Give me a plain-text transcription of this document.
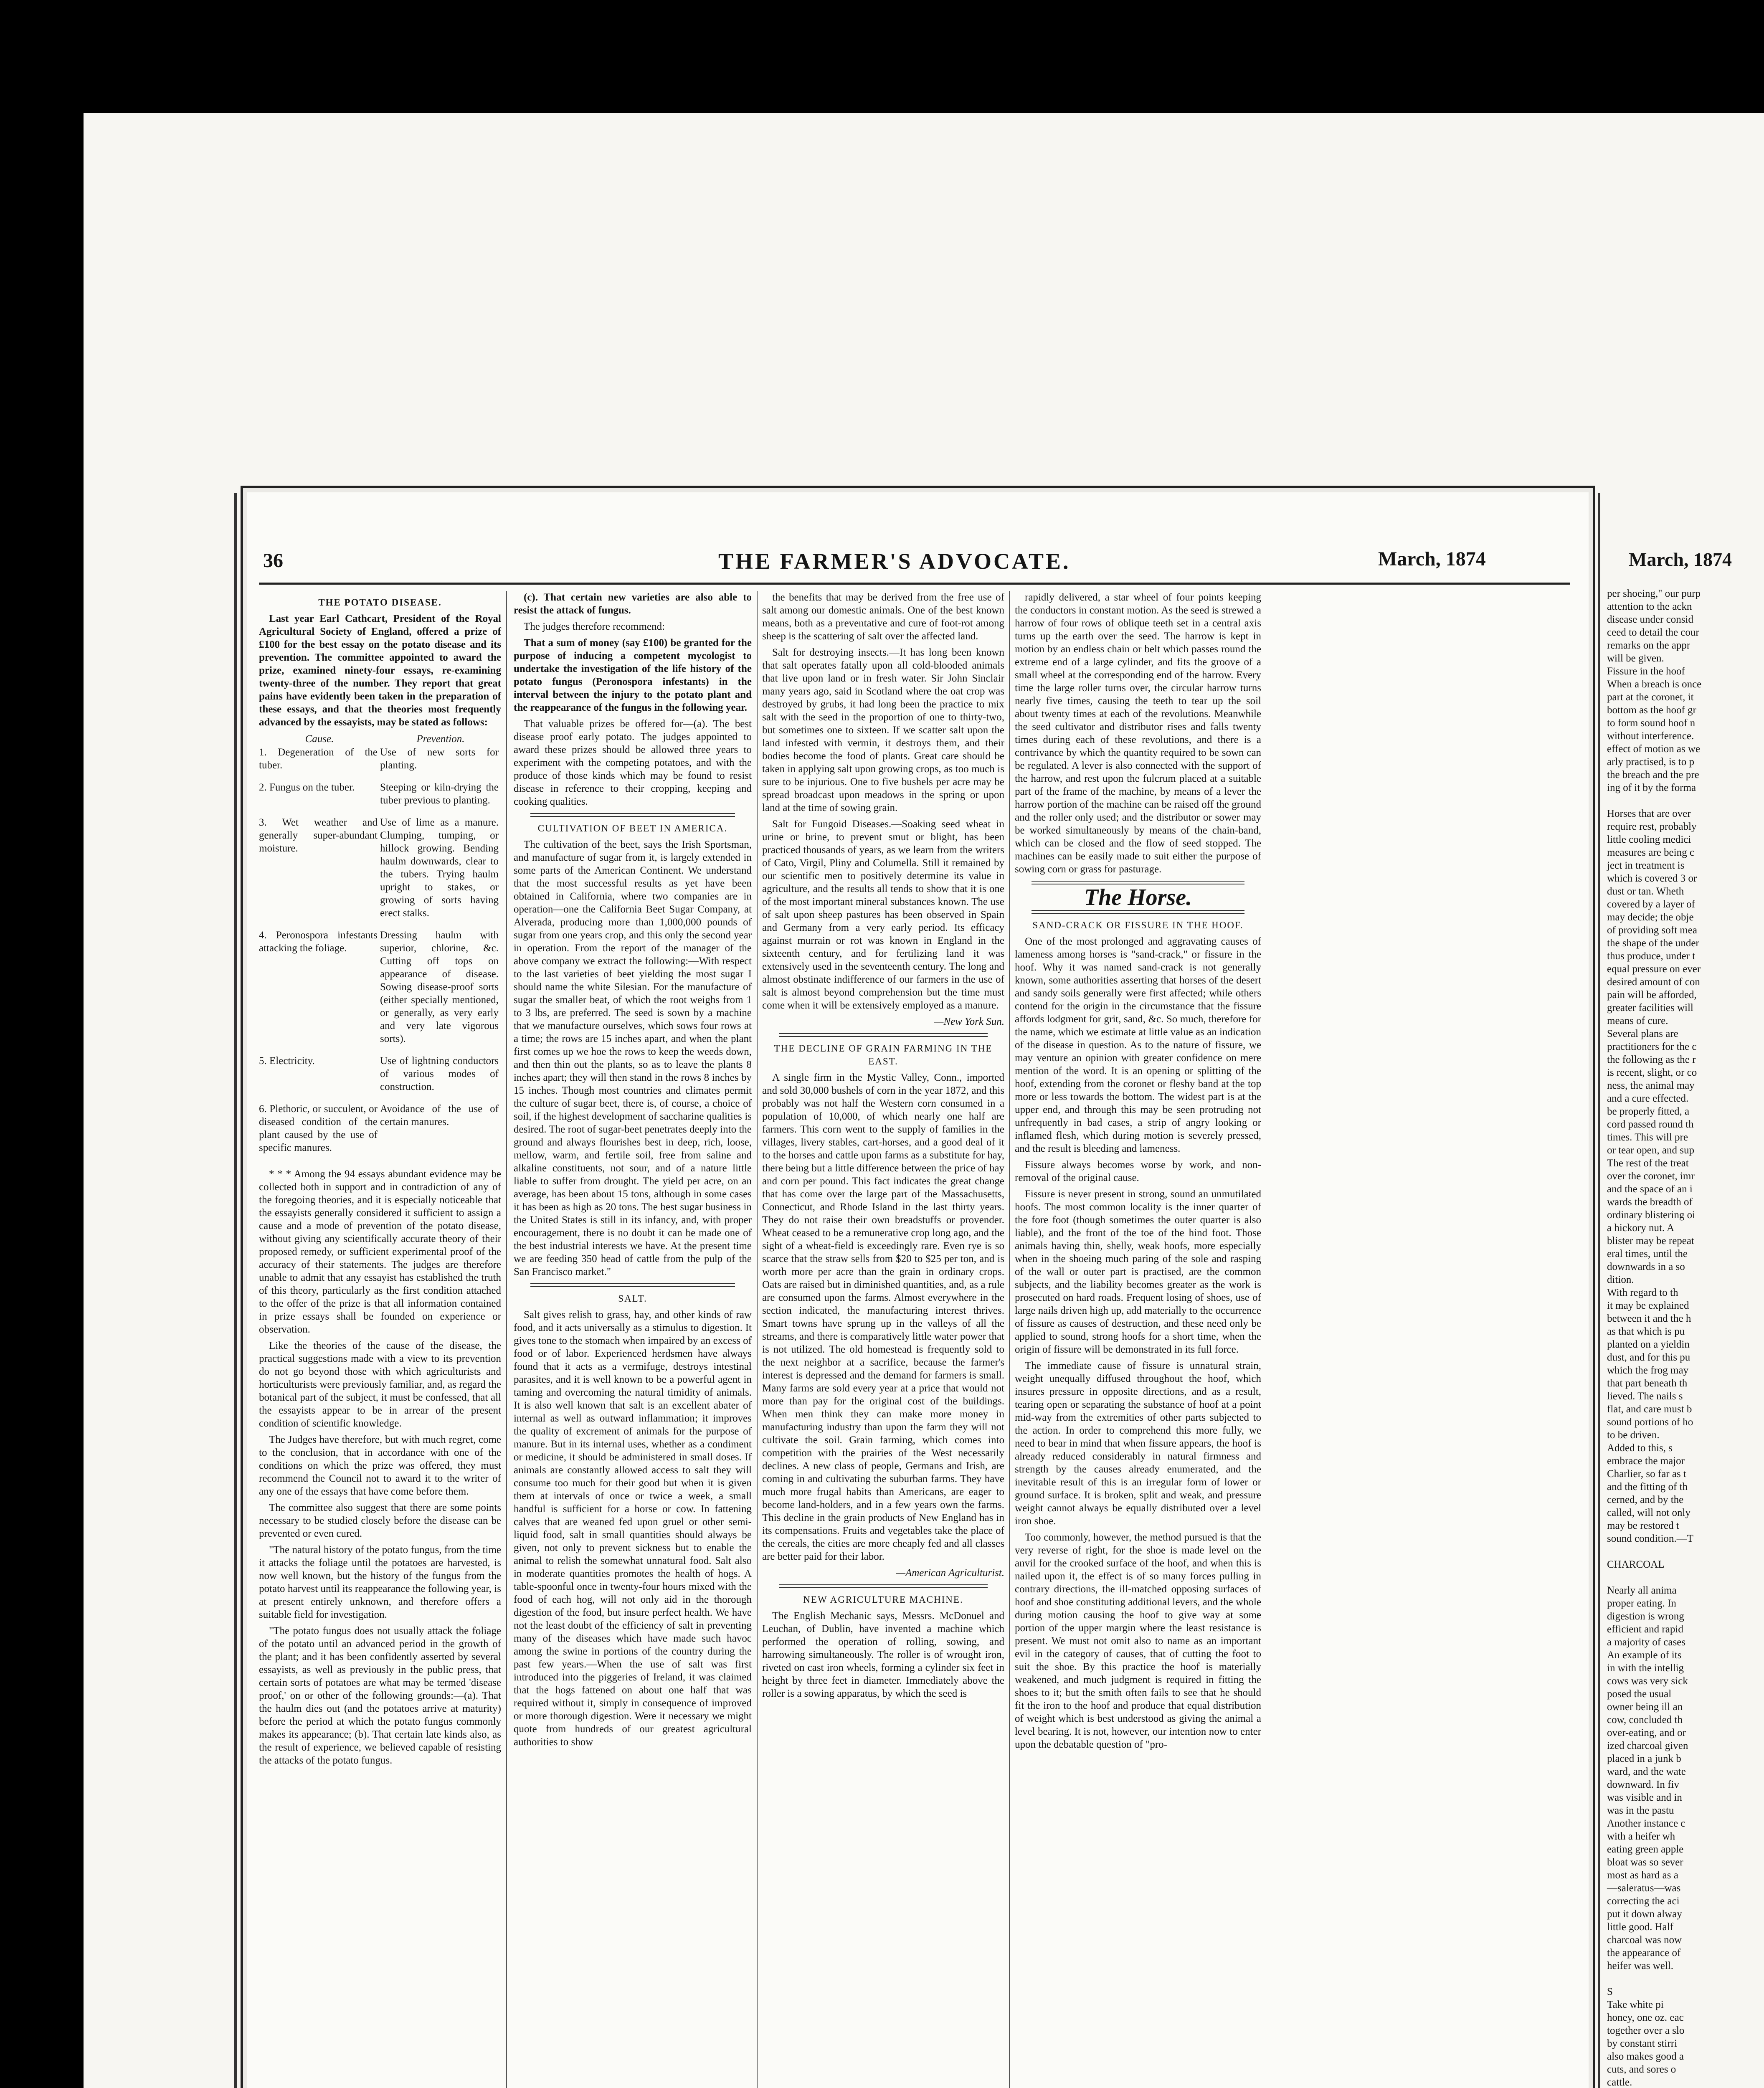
36	THE FARMER'S ADVOCATE.	March, 1874
THE POTATO DISEASE.

Last year Earl Cathcart, President of the Royal Agricultural Society of England, offered a prize of £100 for the best essay on the potato disease and its prevention. The committee appointed to award the prize, examined ninety-four essays, re-examining twenty-three of the number. They report that great pains have evidently been taken in the preparation of these essays, and that the theories most frequently advanced by the essayists, may be stated as follows:

Cause.	Prevention.
1. Degeneration of the tuber.	Use of new sorts for planting.
2. Fungus on the tuber.	Steeping or kiln-drying the tuber previous to planting.
3. Wet weather and generally super-abundant moisture.	Use of lime as a manure. Clumping, tumping, or hillock growing. Bending haulm downwards, clear to the tubers. Trying haulm upright to stakes, or growing of sorts having erect stalks.
4. Peronospora infestants attacking the foliage.	Dressing haulm with superior, chlorine, &c. Cutting off tops on appearance of disease. Sowing disease-proof sorts (either specially mentioned, or generally, as very early and very late vigorous sorts).
5. Electricity.	Use of lightning conductors of various modes of construction.
6. Plethoric, or succulent, or diseased condition of the plant caused by the use of specific manures.	Avoidance of the use of certain manures.

* * * Among the 94 essays abundant evidence may be collected both in support and in contradiction of any of the foregoing theories, and it is especially noticeable that the essayists generally considered it sufficient to assign a cause and a mode of prevention of the potato disease, without giving any scientifically accurate theory of their proposed remedy, or sufficient experimental proof of the accuracy of their statements. The judges are therefore unable to admit that any essayist has established the truth of this theory, particularly as the first condition attached to the offer of the prize is that all information contained in prize essays shall be founded on experience or observation.

Like the theories of the cause of the disease, the practical suggestions made with a view to its prevention do not go beyond those with which agriculturists and horticulturists were previously familiar, and, as regard the botanical part of the subject, it must be confessed, that all the essayists appear to be in arrear of the present condition of scientific knowledge.

The Judges have therefore, but with much regret, come to the conclusion, that in accordance with one of the conditions on which the prize was offered, they must recommend the Council not to award it to the writer of any one of the essays that have come before them.

The committee also suggest that there are some points necessary to be studied closely before the disease can be prevented or even cured.

"The natural history of the potato fungus, from the time it attacks the foliage until the potatoes are harvested, is now well known, but the history of the fungus from the potato harvest until its reappearance the following year, is at present entirely unknown, and therefore offers a suitable field for investigation.

"The potato fungus does not usually attack the foliage of the potato until an advanced period in the growth of the plant; and it has been confidently asserted by several essayists, as well as previously in the public press, that certain sorts of potatoes are what may be termed 'disease proof,' on or other of the following grounds:—(a). That the haulm dies out (and the potatoes arrive at maturity) before the period at which the potato fungus commonly makes its appearance; (b). That certain late kinds also, as the result of experience, we believed capable of resisting the attacks of the potato fungus.

(c). That certain new varieties are also able to resist the attack of fungus.

The judges therefore recommend:

That a sum of money (say £100) be granted for the purpose of inducing a competent mycologist to undertake the investigation of the life history of the potato fungus (Peronospora infestants) in the interval between the injury to the potato plant and the reappearance of the fungus in the following year.

That valuable prizes be offered for—(a). The best disease proof early potato. The judges appointed to award these prizes should be allowed three years to experiment with the competing potatoes, and with the produce of those kinds which may be found to resist disease in reference to their cropping, keeping and cooking qualities.

CULTIVATION OF BEET IN AMERICA.

The cultivation of the beet, says the Irish Sportsman, and manufacture of sugar from it, is largely extended in some parts of the American Continent. We understand that the most successful results as yet have been obtained in California, where two companies are in operation—one the California Beet Sugar Company, at Alverada, producing more than 1,000,000 pounds of sugar from one years crop, and this only the second year in operation. From the report of the manager of the above company we extract the following:—With respect to the last varieties of beet yielding the most sugar I should name the white Silesian. For the manufacture of sugar the smaller beat, of which the root weighs from 1 to 3 lbs, are preferred. The seed is sown by a machine that we manufacture ourselves, which sows four rows at a time; the rows are 15 inches apart, and when the plant first comes up we hoe the rows to keep the weeds down, and then thin out the plants, so as to leave the plants 8 inches apart; they will then stand in the rows 8 inches by 15 inches. Though most countries and climates permit the culture of sugar beet, there is, of course, a choice of soil, if the highest development of saccharine qualities is desired. The root of sugar-beet penetrates deeply into the ground and always flourishes best in deep, rich, loose, mellow, warm, and fertile soil, free from saline and alkaline constituents, not sour, and of a nature little liable to suffer from drought. The yield per acre, on an average, has been about 15 tons, although in some cases it has been as high as 20 tons. The best sugar business in the United States is still in its infancy, and, with proper encouragement, there is no doubt it can be made one of the best industrial interests we have. At the present time we are feeding 350 head of cattle from the pulp of the San Francisco market."

SALT.

Salt gives relish to grass, hay, and other kinds of raw food, and it acts universally as a stimulus to digestion. It gives tone to the stomach when impaired by an excess of food or of labor. Experienced herdsmen have always found that it acts as a vermifuge, destroys intestinal parasites, and it is well known to be a powerful agent in taming and overcoming the natural timidity of animals. It is also well known that salt is an excellent abater of internal as well as outward inflammation; it improves the quality of excrement of animals for the purpose of manure. But in its internal uses, whether as a condiment or medicine, it should be administered in small doses. If animals are constantly allowed access to salt they will consume too much for their good but when it is given them at intervals of once or twice a week, a small handful is sufficient for a horse or cow. In fattening calves that are weaned fed upon gruel or other semi-liquid food, salt in small quantities should always be given, not only to prevent sickness but to enable the animal to relish the somewhat unnatural food. Salt also in moderate quantities promotes the health of hogs. A table-spoonful once in twenty-four hours mixed with the food of each hog, will not only aid in the thorough digestion of the food, but insure perfect health. We have not the least doubt of the efficiency of salt in preventing many of the diseases which have made such havoc among the swine in portions of the country during the past few years.—When the use of salt was first introduced into the piggeries of Ireland, it was claimed that the hogs fattened on about one half that was required without it, simply in consequence of improved or more thorough digestion. Were it necessary we might quote from hundreds of our greatest agricultural authorities to show

the benefits that may be derived from the free use of salt among our domestic animals. One of the best known means, both as a preventative and cure of foot-rot among sheep is the scattering of salt over the affected land.

Salt for destroying insects.—It has long been known that salt operates fatally upon all cold-blooded animals that live upon land or in fresh water. Sir John Sinclair many years ago, said in Scotland where the oat crop was destroyed by grubs, it had long been the practice to mix salt with the seed in the proportion of one to thirty-two, but sometimes one to sixteen. If we scatter salt upon the land infested with vermin, it destroys them, and their bodies become the food of plants. Great care should be taken in applying salt upon growing crops, as too much is sure to be injurious. One to five bushels per acre may be spread broadcast upon meadows in the spring or upon land at the time of sowing grain.

Salt for Fungoid Diseases.—Soaking seed wheat in urine or brine, to prevent smut or blight, has been practiced thousands of years, as we learn from the writers of Cato, Virgil, Pliny and Columella. Still it remained by our scientific men to positively determine its value in agriculture, and the results all tends to show that it is one of the most important mineral substances known. The use of salt upon sheep pastures has been observed in Spain and Germany from a very early period. Its efficacy against murrain or rot was known in England in the sixteenth century, and for fertilizing land it was extensively used in the seventeenth century. The long and almost obstinate indifference of our farmers in the use of salt is almost beyond comprehension but the time must come when it will be extensively employed as a manure.

—New York Sun.

THE DECLINE OF GRAIN FARMING IN THE EAST.

A single firm in the Mystic Valley, Conn., imported and sold 30,000 bushels of corn in the year 1872, and this probably was not half the Western corn consumed in a population of 10,000, of which nearly one half are farmers. This corn went to the supply of families in the villages, livery stables, cart-horses, and a good deal of it to the horses and cattle upon farms as a substitute for hay, there being but a little difference between the price of hay and corn per pound. This fact indicates the great change that has come over the large part of the Massachusetts, Connecticut, and Rhode Island in the last thirty years. They do not raise their own breadstuffs or provender. Wheat ceased to be a remunerative crop long ago, and the sight of a wheat-field is exceedingly rare. Even rye is so scarce that the straw sells from $20 to $25 per ton, and is worth more per acre than the grain in ordinary crops. Oats are raised but in diminished quantities, and, as a rule are consumed upon the farms. Almost everywhere in the section indicated, the manufacturing interest thrives. Smart towns have sprung up in the valleys of all the streams, and there is comparatively little water power that is not utilized. The old homestead is frequently sold to the next neighbor at a sacrifice, because the farmer's interest is depressed and the demand for farmers is small. Many farms are sold every year at a price that would not more than pay for the original cost of the buildings. When men think they can make more money in manufacturing industry than upon the farm they will not cultivate the soil. Grain farming, which comes into competition with the prairies of the West necessarily declines. A new class of people, Germans and Irish, are coming in and cultivating the suburban farms. They have much more frugal habits than Americans, are eager to become land-holders, and in a few years own the farms. This decline in the grain products of New England has in its compensations. Fruits and vegetables take the place of the cereals, the cities are more cheaply fed and all classes are better paid for their labor.

—American Agriculturist.

NEW AGRICULTURE MACHINE.

The English Mechanic says, Messrs. McDonuel and Leuchan, of Dublin, have invented a machine which performed the operation of rolling, sowing, and harrowing simultaneously. The roller is of wrought iron, riveted on cast iron wheels, forming a cylinder six feet in height by three feet in diameter. Immediately above the roller is a sowing apparatus, by which the seed is

rapidly delivered, a star wheel of four points keeping the conductors in constant motion. As the seed is strewed a harrow of four rows of oblique teeth set in a central axis turns up the earth over the seed. The harrow is kept in motion by an endless chain or belt which passes round the extreme end of a large cylinder, and fits the groove of a small wheel at the corresponding end of the harrow. Every time the large roller turns over, the circular harrow turns nearly five times, causing the teeth to tear up the soil about twenty times at each of the revolutions. Meanwhile the seed cultivator and distributor rises and falls twenty times during each of these revolutions, and there is a contrivance by which the quantity required to be sown can be regulated. A lever is also connected with the support of the harrow, and rest upon the fulcrum placed at a suitable part of the frame of the machine, by means of a lever the harrow portion of the machine can be raised off the ground and the roller only used; and the distributor or sower may be worked simultaneously by means of the chain-band, which can be closed and the flow of seed stopped. The machines can be easily made to suit either the purpose of sowing corn or grass for pasturage.

The Horse.
SAND-CRACK OR FISSURE IN THE HOOF.

One of the most prolonged and aggravating causes of lameness among horses is "sand-crack," or fissure in the hoof. Why it was named sand-crack is not generally known, some authorities asserting that horses of the desert and sandy soils generally were first affected; while others contend for the origin in the circumstance that the fissure affords lodgment for grit, sand, &c. So much, therefore for the name, which we estimate at little value as an indication of the disease in question. As to the nature of fissure, we may venture an opinion with greater confidence on mere mention of the word. It is an opening or splitting of the hoof, extending from the coronet or fleshy band at the top more or less towards the bottom. The widest part is at the upper end, and through this may be seen protruding not unfrequently in bad cases, a strip of angry looking or inflamed flesh, which during motion is severely pressed, and the result is bleeding and lameness.

Fissure always becomes worse by work, and non-removal of the original cause.

Fissure is never present in strong, sound an unmutilated hoofs. The most common locality is the inner quarter of the fore foot (though sometimes the outer quarter is also liable), and the front of the toe of the hind foot. Those animals having thin, shelly, weak hoofs, more especially when in the shoeing much paring of the sole and rasping of the wall or outer part is practised, are the common subjects, and the liability becomes greater as the work is prosecuted on hard roads. Frequent losing of shoes, use of large nails driven high up, add materially to the occurrence of fissure as causes of destruction, and these need only be applied to sound, strong hoofs for a short time, when the origin of fissure will be demonstrated in its full force.

The immediate cause of fissure is unnatural strain, weight unequally diffused throughout the hoof, which insures pressure in opposite directions, and as a result, tearing open or separating the substance of hoof at a point mid-way from the extremities of other parts subjected to the action. In order to comprehend this more fully, we need to bear in mind that when fissure appears, the hoof is already reduced considerably in natural firmness and strength by the causes already enumerated, and the inevitable result of this is an irregular form of lower or ground surface. It is broken, split and weak, and pressure weight cannot always be equally distributed over a level iron shoe.

Too commonly, however, the method pursued is that the very reverse of right, for the shoe is made level on the anvil for the crooked surface of the hoof, and when this is nailed upon it, the effect is of so many forces pulling in contrary directions, the ill-matched opposing surfaces of hoof and shoe constituting additional levers, and the whole during motion causing the hoof to give way at some portion of the upper margin where the least resistance is present. We must not omit also to name as an important evil in the category of causes, that of cutting the foot to suit the shoe. By this practice the hoof is materially weakened, and much judgment is required in fitting the shoes to it; but the smith often fails to see that he should fit the iron to the hoof and produce that equal distribution of weight which is best understood as giving the animal a level bearing. It is not, however, our intention now to enter upon the debatable question of "pro-

March, 1874
per shoeing," our purp
attention to the ackn
disease under consid
ceed to detail the cour
remarks on the appr
will be given.
Fissure in the hoof
When a breach is once
part at the coronet, it
bottom as the hoof gr
to form sound hoof n
without interference.
effect of motion as we
arly practised, is to p
the breach and the pre
ing of it by the forma
Horses that are over
require rest, probably
little cooling medici
measures are being c
ject in treatment is
which is covered 3 or
dust or tan. Wheth
covered by a layer of
may decide; the obje
of providing soft mea
the shape of the under
thus produce, under t
equal pressure on ever
desired amount of con
pain will be afforded,
greater facilities will
means of cure.
Several plans are
practitioners for the c
the following as the r
is recent, slight, or co
ness, the animal may
and a cure effected.
be properly fitted, a
cord passed round th
times. This will pre
or tear open, and sup
The rest of the treat
over the coronet, imr
and the space of an i
wards the breadth of
ordinary blistering oi
a hickory nut. A
blister may be repeat
eral times, until the
downwards in a so
dition.
With regard to th
it may be explained
between it and the h
as that which is pu
planted on a yieldin
dust, and for this pu
which the frog may
that part beneath th
lieved. The nails s
flat, and care must b
sound portions of ho
to be driven.
Added to this, s
embrace the major
Charlier, so far as t
and the fitting of th
cerned, and by the
called, will not only
may be restored t
sound condition.—T
CHARCOAL
Nearly all anima
proper eating. In
digestion is wrong
efficient and rapid
a majority of cases
An example of its
in with the intellig
cows was very sick
posed the usual
owner being ill an
cow, concluded th
over-eating, and or
ized charcoal given
placed in a junk b
ward, and the wate
downward. In fiv
was visible and in
was in the pastu
Another instance c
with a heifer wh
eating green apple
bloat was so sever
most as hard as a
—saleratus—was
correcting the aci
put it down alway
little good. Half
charcoal was now
the appearance of
heifer was well.
S
Take white pi
honey, one oz. eac
together over a slo
by constant stirri
also makes good a
cuts, and sores o
cattle.
